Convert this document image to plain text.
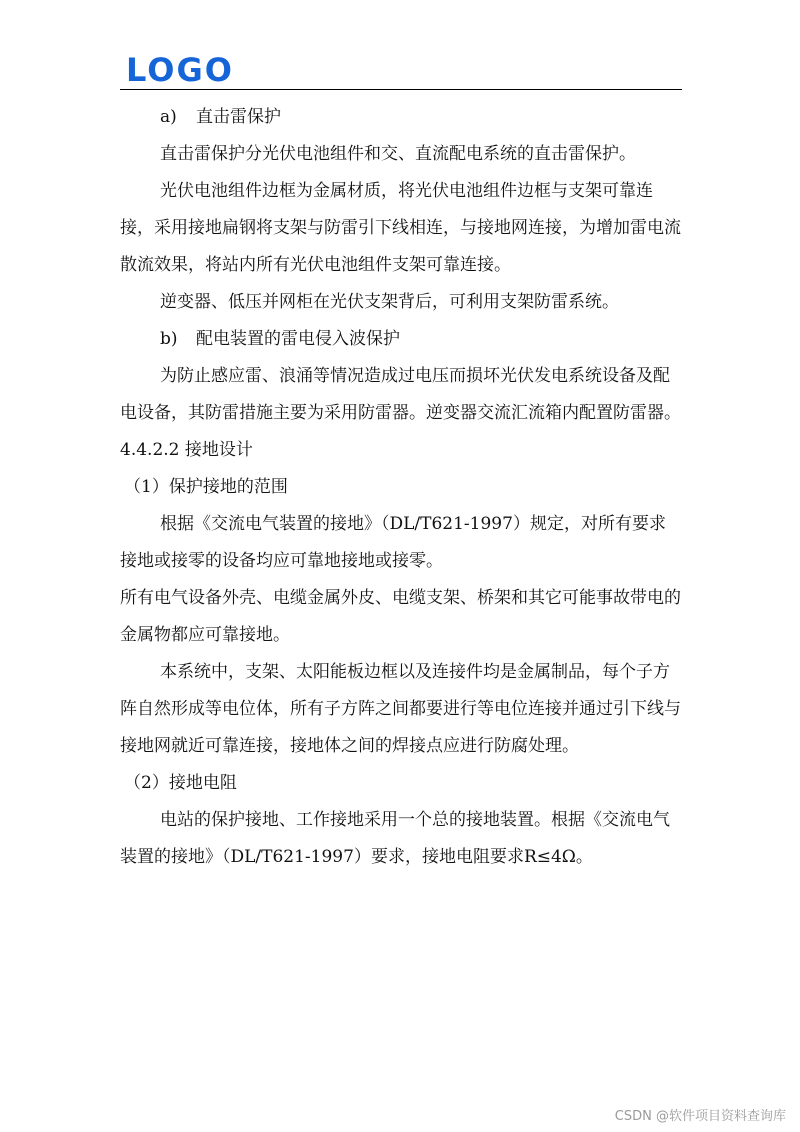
LOGO

a) 直击雷保护

直击雷保护分光伏电池组件和交、直流配电系统的直击雷保护。

光伏电池组件边框为金属材质，将光伏电池组件边框与支架可靠连接，采用接地扁钢将支架与防雷引下线相连，与接地网连接，为增加雷电流散流效果，将站内所有光伏电池组件支架可靠连接。

逆变器、低压并网柜在光伏支架背后，可利用支架防雷系统。

b) 配电装置的雷电侵入波保护

为防止感应雷、浪涌等情况造成过电压而损坏光伏发电系统设备及配电设备，其防雷措施主要为采用防雷器。逆变器交流汇流箱内配置防雷器。

4.4.2.2 接地设计

（1）保护接地的范围

根据《交流电气装置的接地》（DL/T621-1997）规定，对所有要求接地或接零的设备均应可靠地接地或接零。

所有电气设备外壳、电缆金属外皮、电缆支架、桥架和其它可能事故带电的金属物都应可靠接地。

本系统中，支架、太阳能板边框以及连接件均是金属制品，每个子方阵自然形成等电位体，所有子方阵之间都要进行等电位连接并通过引下线与接地网就近可靠连接，接地体之间的焊接点应进行防腐处理。

（2）接地电阻

电站的保护接地、工作接地采用一个总的接地装置。根据《交流电气装置的接地》（DL/T621-1997）要求，接地电阻要求R≤4Ω。

CSDN @软件项目资料查询库
